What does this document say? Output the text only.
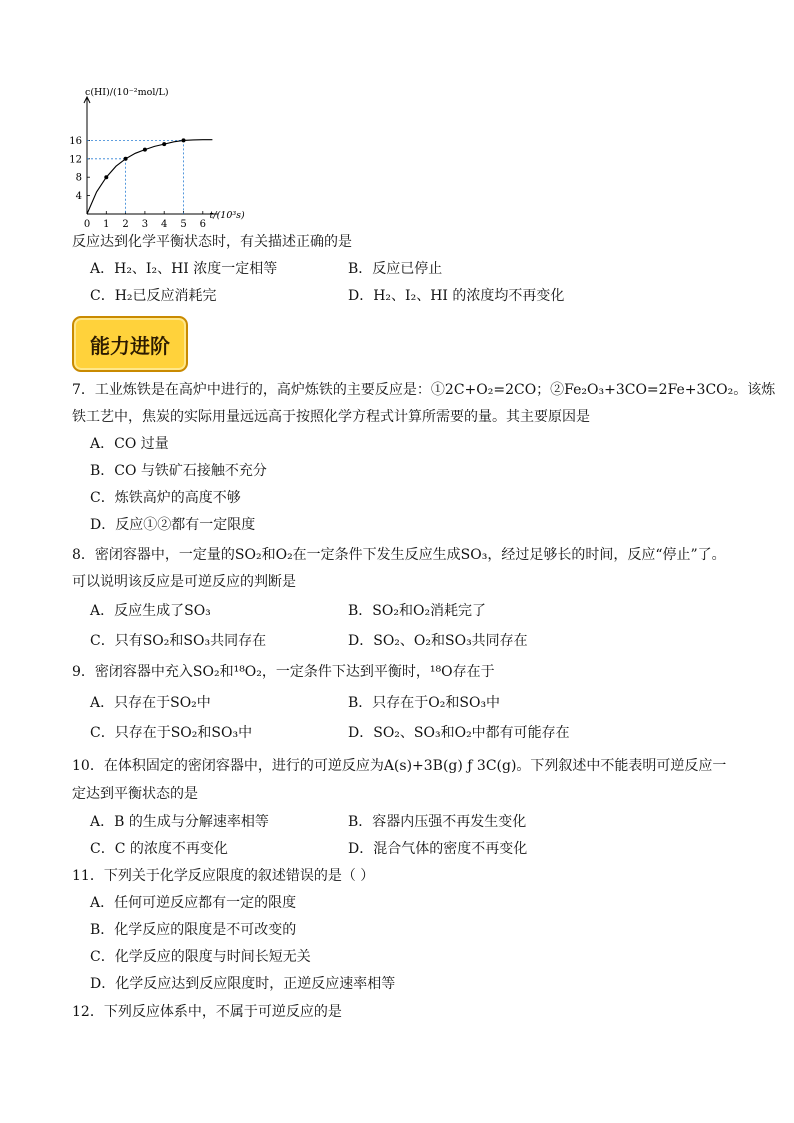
c(HI)/(10⁻²mol/L)
t/(10³s)
0 1 2 3 4 5 6
4
8
12
16
反应达到化学平衡状态时，有关描述正确的是
A．H₂、I₂、HI 浓度一定相等	B．反应已停止
C．H₂已反应消耗完	D．H₂、I₂、HI 的浓度均不再变化
能力进阶
7．工业炼铁是在高炉中进行的，高炉炼铁的主要反应是：①2C+O₂=2CO；②Fe₂O₃+3CO=2Fe+3CO₂。该炼
铁工艺中，焦炭的实际用量远远高于按照化学方程式计算所需要的量。其主要原因是
A．CO 过量
B．CO 与铁矿石接触不充分
C．炼铁高炉的高度不够
D．反应①②都有一定限度
8．密闭容器中，一定量的SO₂和O₂在一定条件下发生反应生成SO₃，经过足够长的时间，反应“停止”了。
可以说明该反应是可逆反应的判断是
A．反应生成了SO₃	B．SO₂和O₂消耗完了
C．只有SO₂和SO₃共同存在	D．SO₂、O₂和SO₃共同存在
9．密闭容器中充入SO₂和¹⁸O₂，一定条件下达到平衡时，¹⁸O存在于
A．只存在于SO₂中	B．只存在于O₂和SO₃中
C．只存在于SO₂和SO₃中	D．SO₂、SO₃和O₂中都有可能存在
10．在体积固定的密闭容器中，进行的可逆反应为A(s)+3B(g) ƒ 3C(g)。下列叙述中不能表明可逆反应一
定达到平衡状态的是
A．B 的生成与分解速率相等	B．容器内压强不再发生变化
C．C 的浓度不再变化	D．混合气体的密度不再变化
11．下列关于化学反应限度的叙述错误的是（ ）
A．任何可逆反应都有一定的限度
B．化学反应的限度是不可改变的
C．化学反应的限度与时间长短无关
D．化学反应达到反应限度时，正逆反应速率相等
12．下列反应体系中，不属于可逆反应的是
